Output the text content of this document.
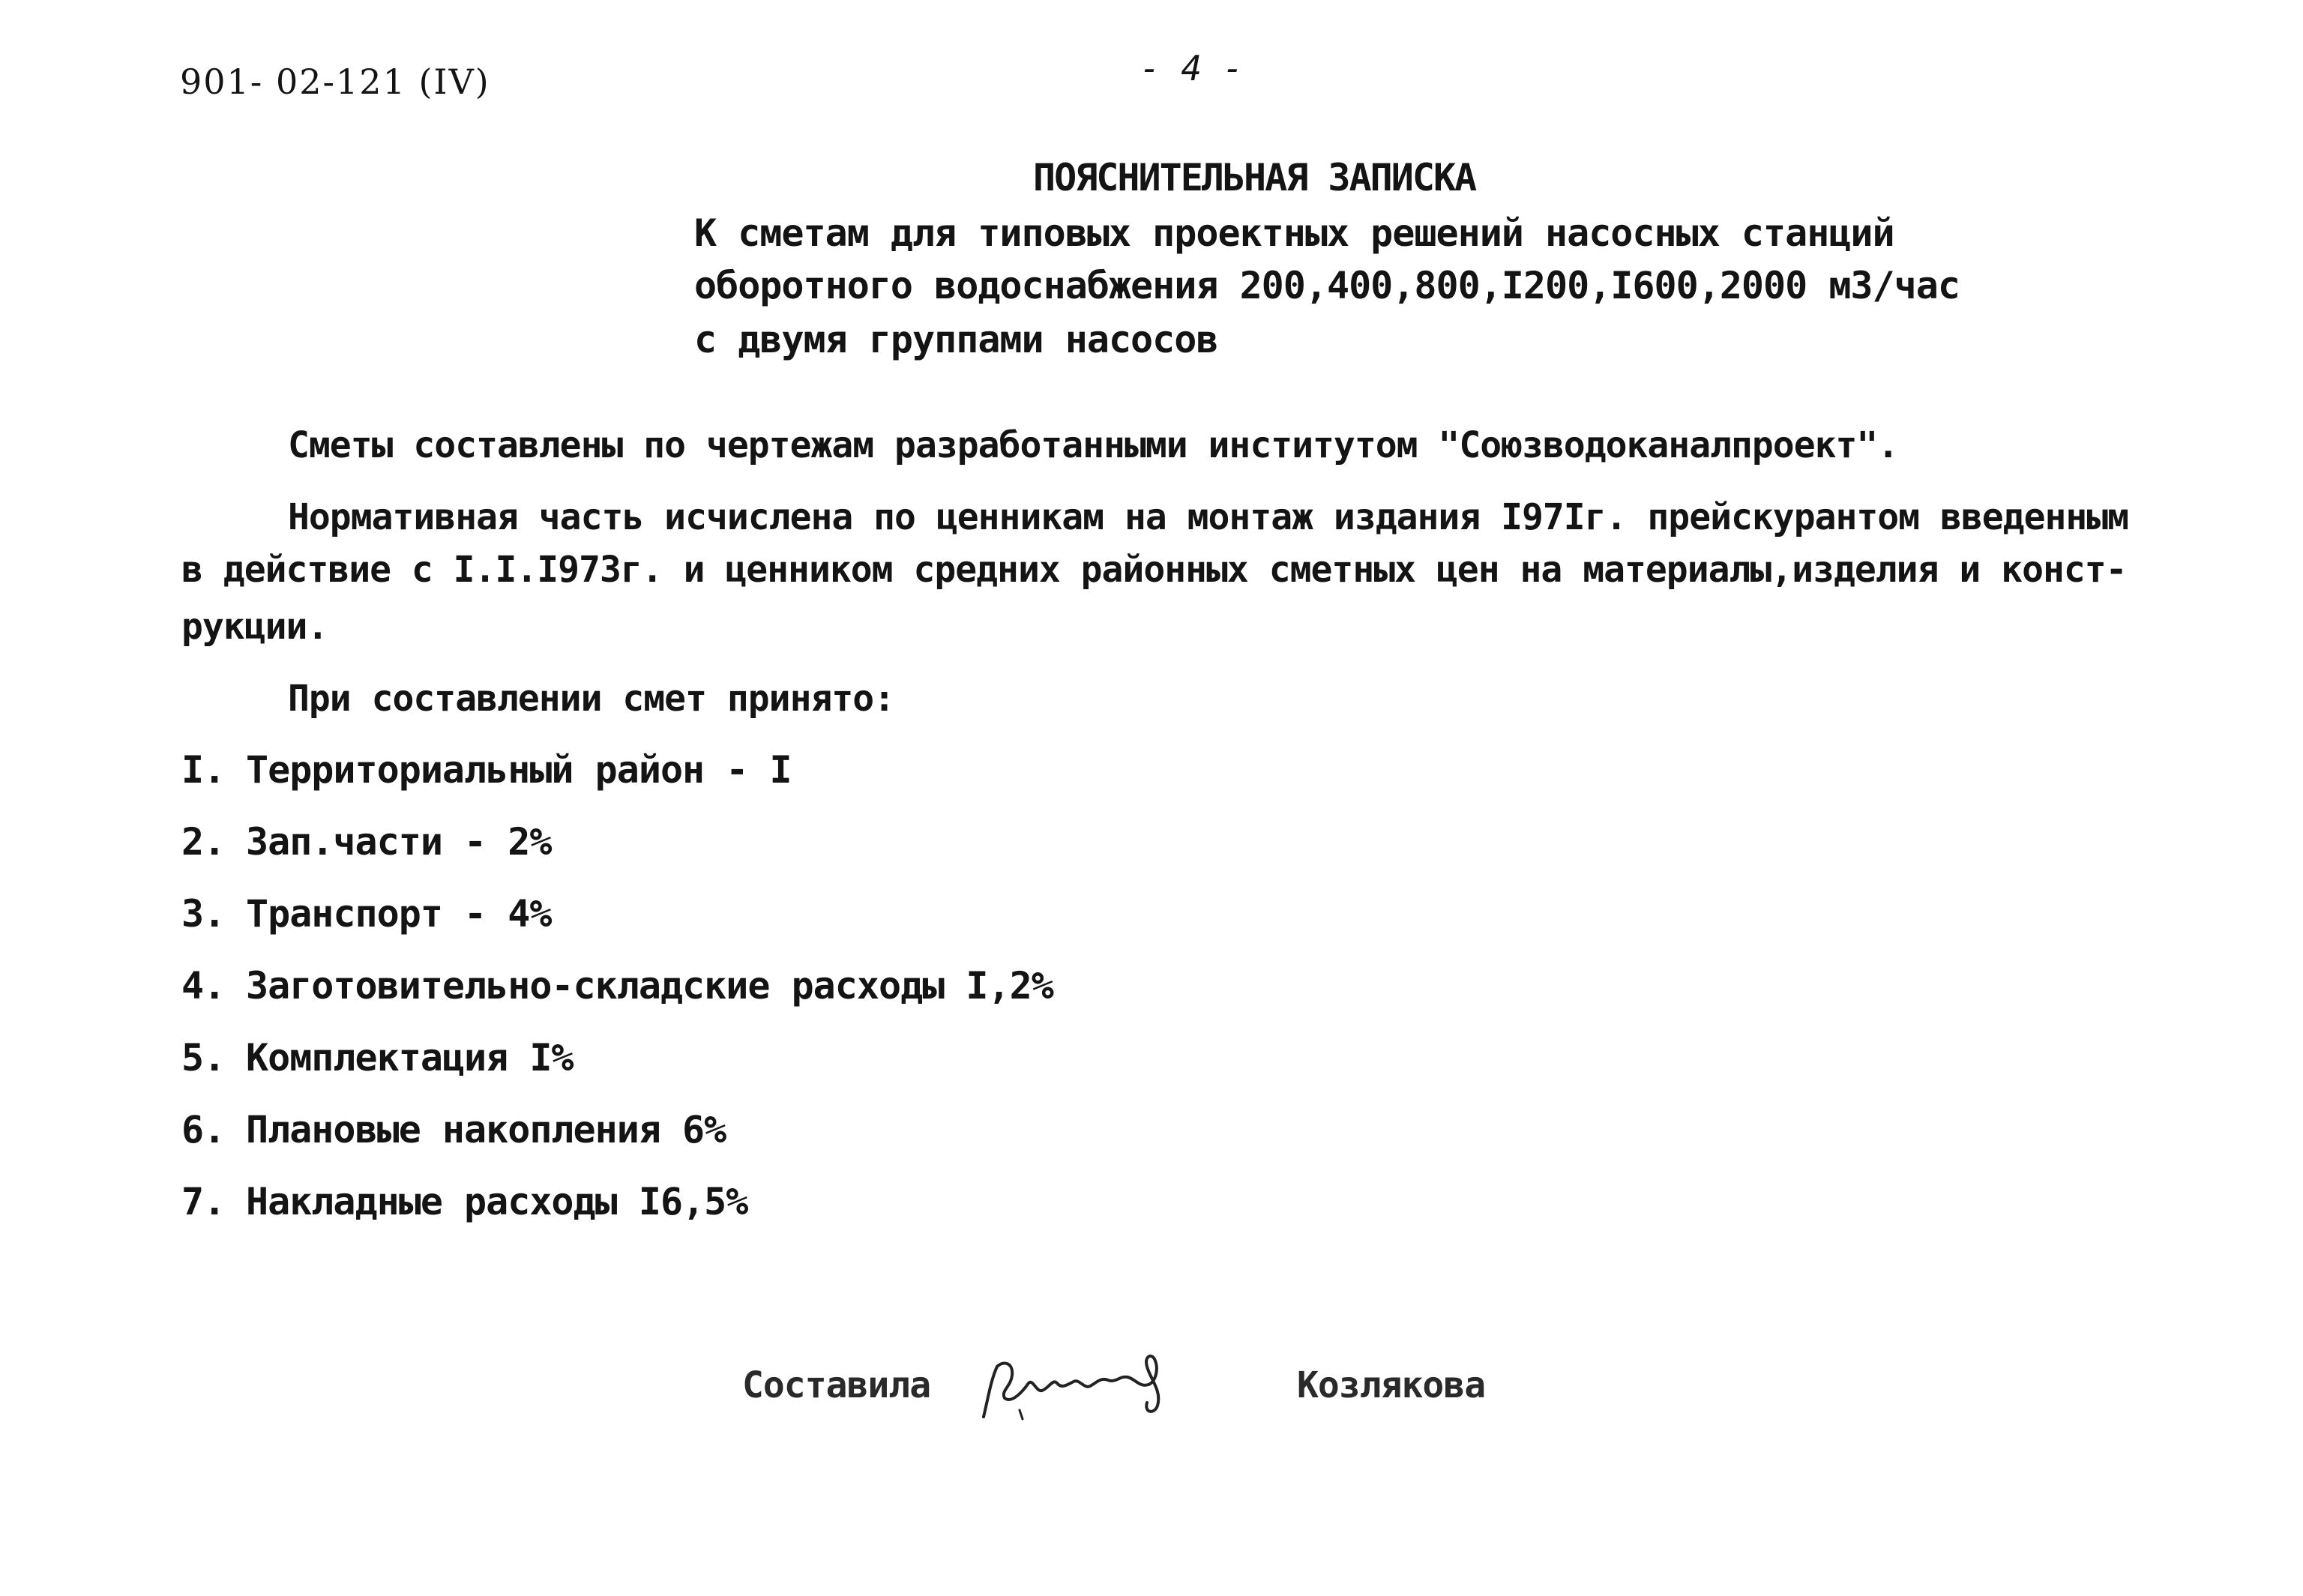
901- 02-121 (IV)	- 4 -
ПОЯСНИТЕЛЬНАЯ ЗАПИСКА
К сметам для типовых проектных решений насосных станций
оборотного водоснабжения 200,400,800,I200,I600,2000 м3/час
с двумя группами насосов
Сметы составлены по чертежам разработанными институтом "Союзводоканалпроект".
Нормативная часть исчислена по ценникам на монтаж издания I97Iг. прейскурантом введенным
в действие с I.I.I973г. и ценником средних районных сметных цен на материалы,изделия и конст-
рукции.
При составлении смет принято:
I. Территориальный район - I
2. Зап.части - 2%
3. Транспорт - 4%
4. Заготовительно-складские расходы I,2%
5. Комплектация I%
6. Плановые накопления 6%
7. Накладные расходы I6,5%
Составила	Козлякова
